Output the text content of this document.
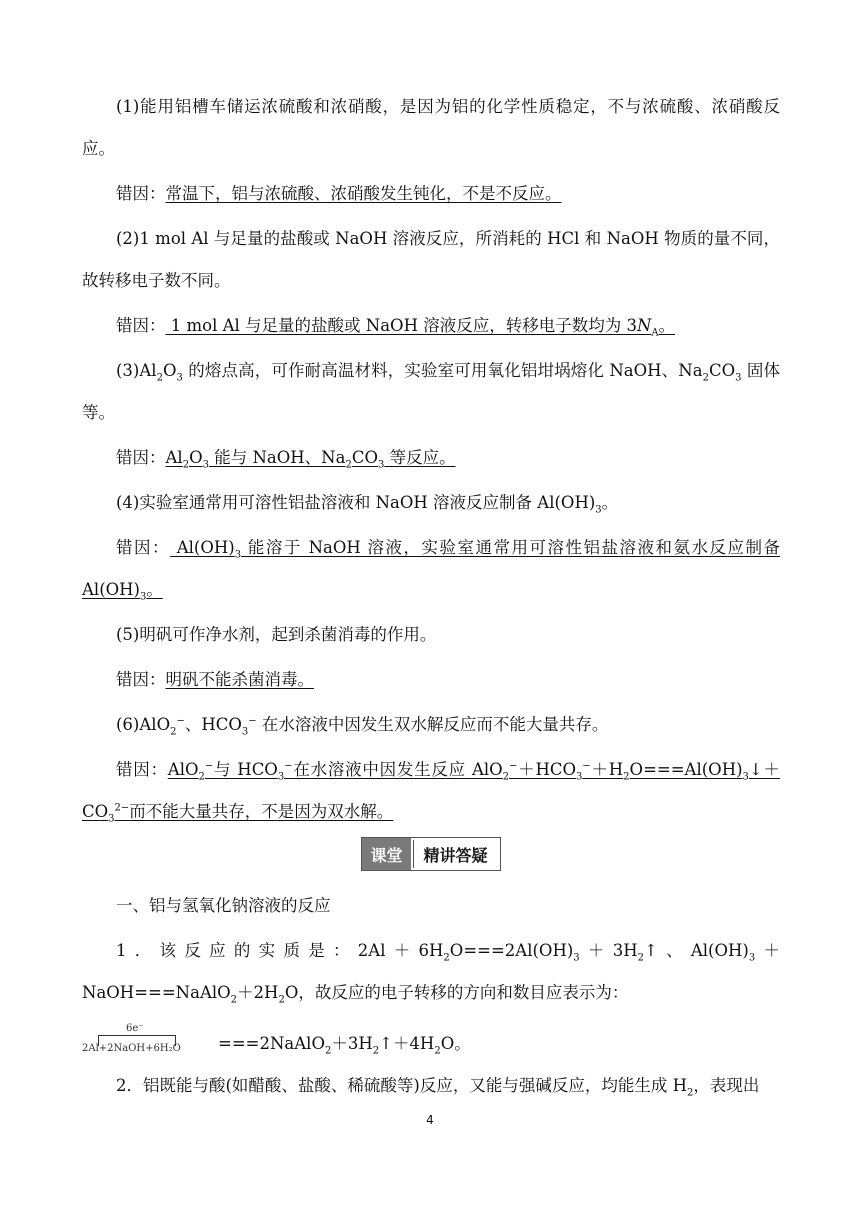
(1)能用铝槽车储运浓硫酸和浓硝酸，是因为铝的化学性质稳定，不与浓硫酸、浓硝酸反应。

错因：常温下，铝与浓硫酸、浓硝酸发生钝化，不是不反应。

(2)1 mol Al 与足量的盐酸或 NaOH 溶液反应，所消耗的 HCl 和 NaOH 物质的量不同，故转移电子数不同。

错因： 1 mol Al 与足量的盐酸或 NaOH 溶液反应，转移电子数均为 $3N_A$。

$(3)Al_2O_3$ 的熔点高，可作耐高温材料，实验室可用氧化铝坩埚熔化 NaOH、$Na_2CO_3$ 固体等。

错因：$Al_2O_3$ 能与 NaOH、$Na_2CO_3$ 等反应。

(4)实验室通常用可溶性铝盐溶液和 NaOH 溶液反应制备 $Al(OH)_3$。

错因： $Al(OH)_3$ 能溶于 NaOH 溶液，实验室通常用可溶性铝盐溶液和氨水反应制备 $Al(OH)_3$。

(5)明矾可作净水剂，起到杀菌消毒的作用。

错因：明矾不能杀菌消毒。

(6)AlO$_2$−、$HCO_3^-$ 在水溶液中因发生双水解反应而不能大量共存。

错因：AlO$_2$−与 $HCO_3^-$在水溶液中因发生反应 $AlO_2^-+HCO_3^-+H_2O===Al(OH)_3↓+CO_3^{2-}$而不能大量共存，不是因为双水解。

课堂	精讲答疑

一、铝与氢氧化钠溶液的反应

1．该反应的实质是：$2Al+6H_2O===2Al(OH)_3+3H_2↑$、$Al(OH)_3+NaOH===NaAlO_2+2H_2O$，故反应的电子转移的方向和数目应表示为：

6e⁻
2Al+2NaOH+6H₂O $===2NaAlO_2+3H_2↑+4H_2O$。

2．铝既能与酸(如醋酸、盐酸、稀硫酸等)反应，又能与强碱反应，均能生成 $H_2$，表现出

4
